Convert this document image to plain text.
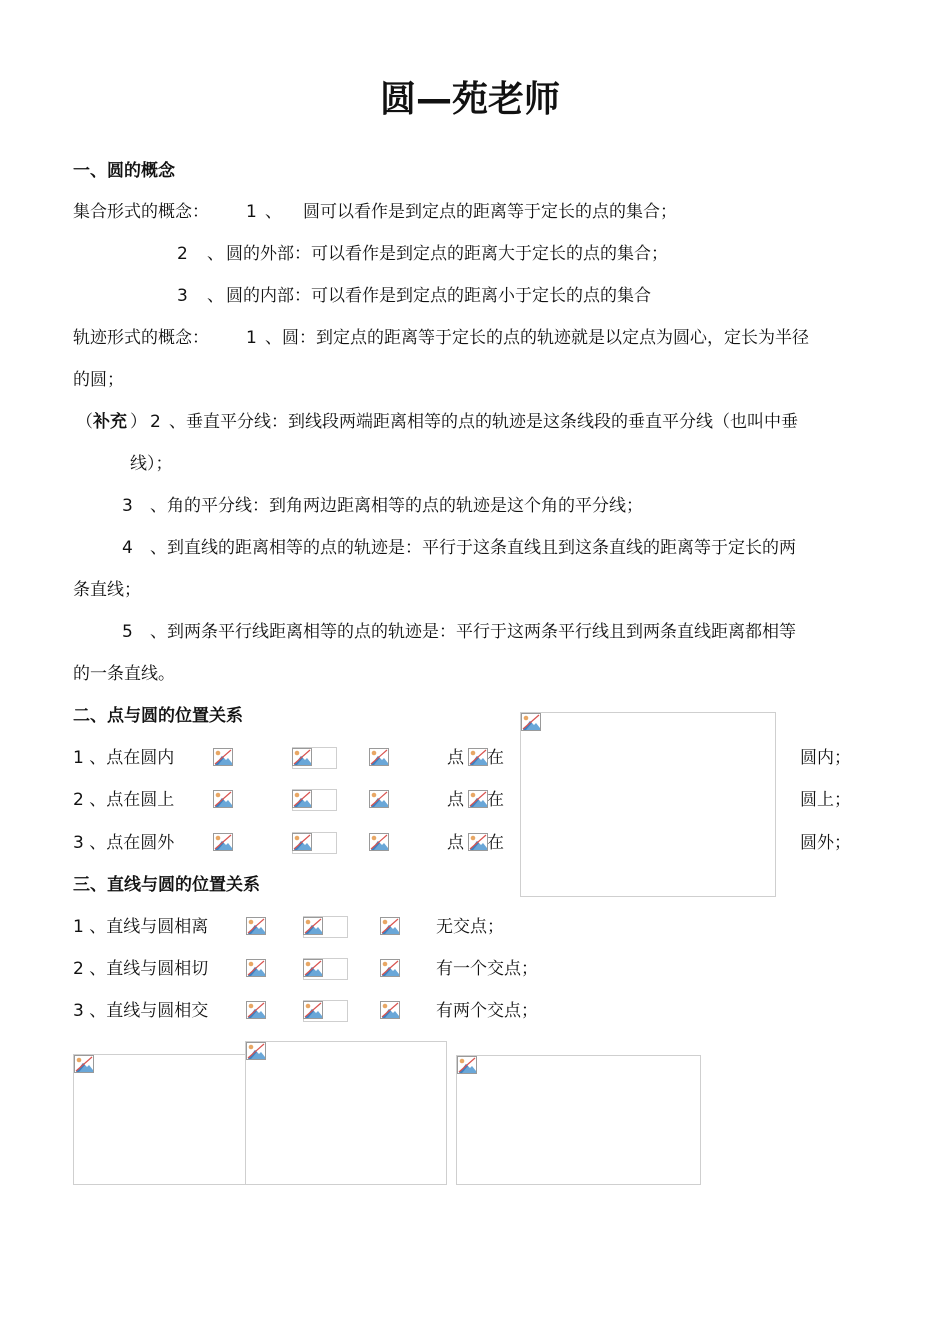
圆—苑老师
一、圆的概念
集合形式的概念： 1 、 圆可以看作是到定点的距离等于定长的点的集合；
2 、 圆的外部：可以看作是到定点的距离大于定长的点的集合；
3 、 圆的内部：可以看作是到定点的距离小于定长的点的集合
轨迹形式的概念： 1 、圆：到定点的距离等于定长的点的轨迹就是以定点为圆心，定长为半径
的圆；
（ 补充 ） 2 、垂直平分线：到线段两端距离相等的点的轨迹是这条线段的垂直平分线（也叫中垂
线）；
3 、角的平分线：到角两边距离相等的点的轨迹是这个角的平分线；
4 、到直线的距离相等的点的轨迹是：平行于这条直线且到这条直线的距离等于定长的两
条直线；
5 、到两条平行线距离相等的点的轨迹是：平行于这两条平行线且到两条直线距离都相等
的一条直线。
二、点与圆的位置关系
1 、点在圆内	点 在	圆内；
2 、点在圆上	点 在	圆上；
3 、点在圆外	点 在	圆外；
三、直线与圆的位置关系
1 、直线与圆相离	无交点；
2 、直线与圆相切	有一个交点；
3 、直线与圆相交	有两个交点；
